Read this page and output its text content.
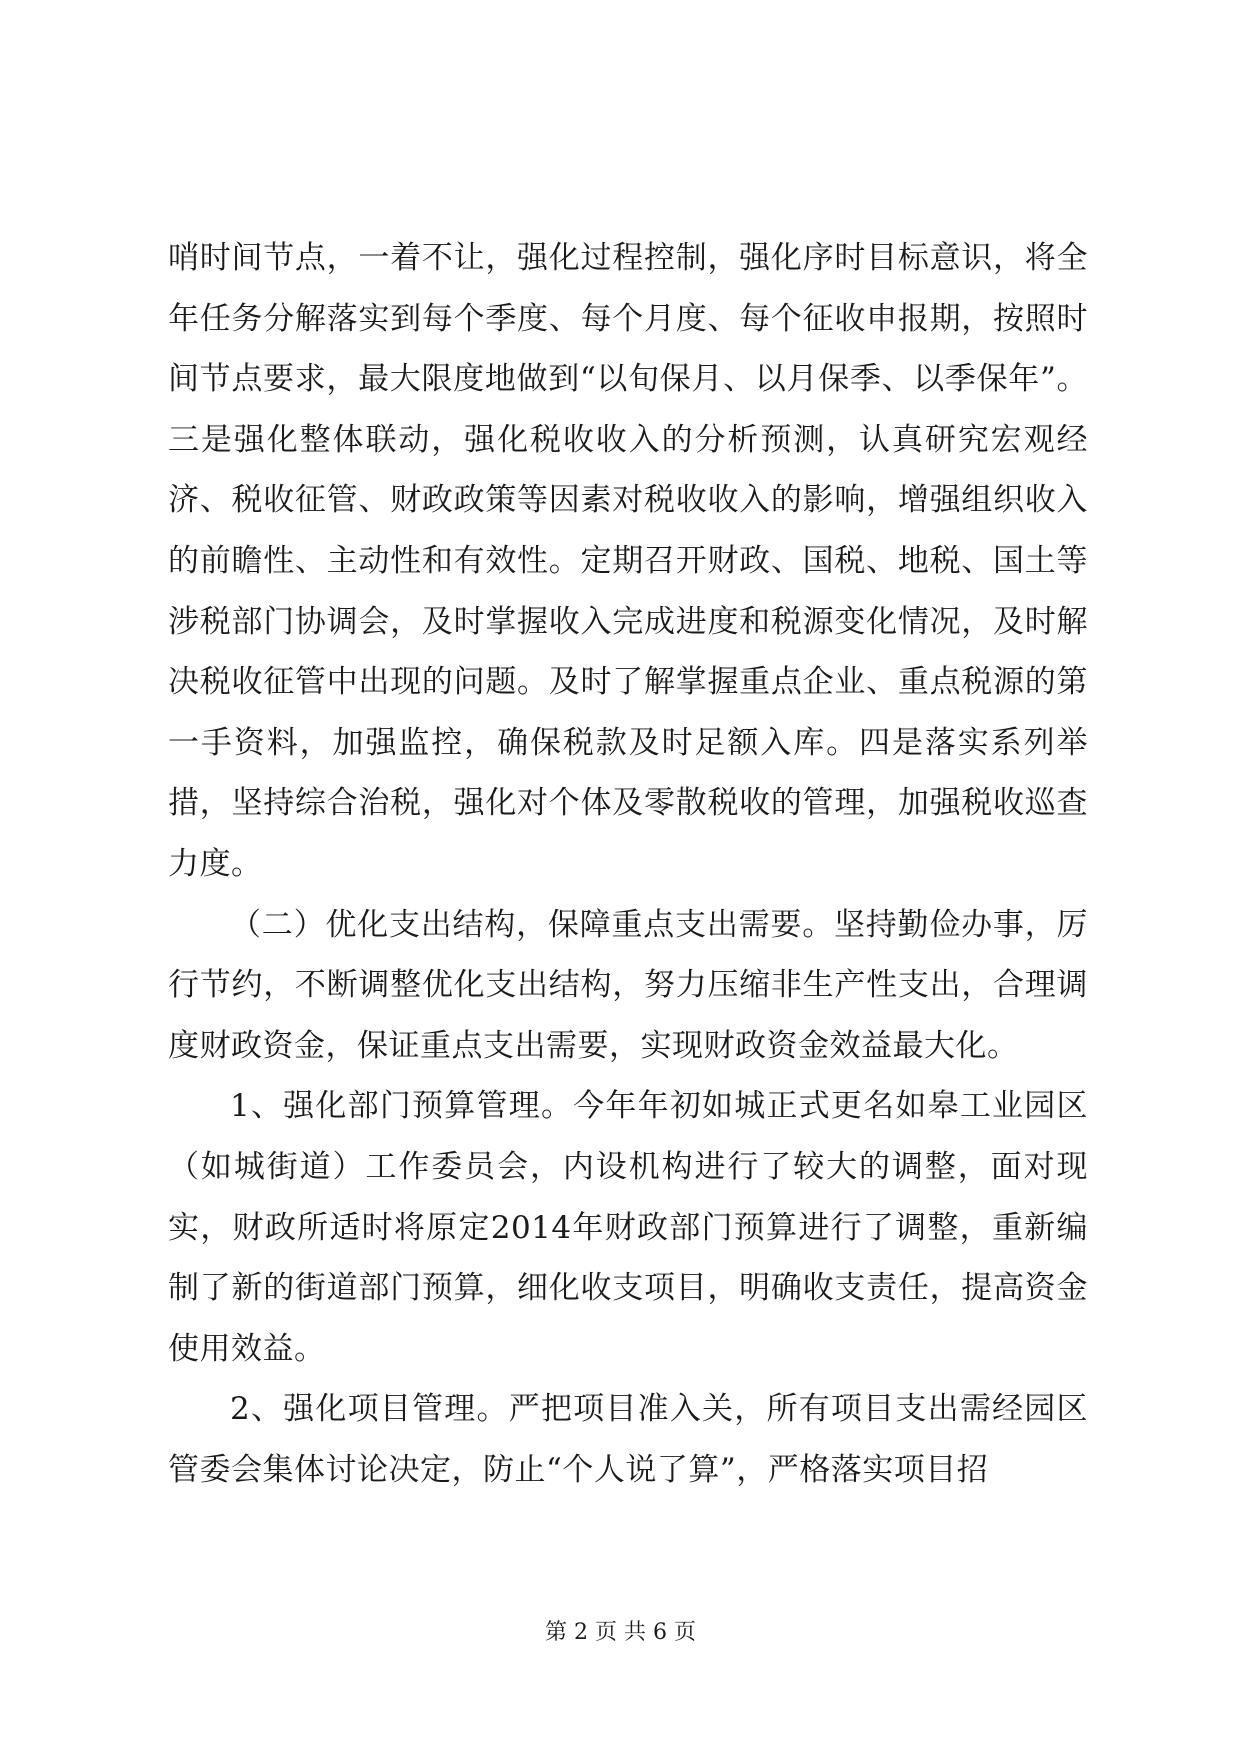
哨时间节点，一着不让，强化过程控制，强化序时目标意识，将全年任务分解落实到每个季度、每个月度、每个征收申报期，按照时间节点要求，最大限度地做到“以旬保月、以月保季、以季保年”。三是强化整体联动，强化税收收入的分析预测，认真研究宏观经济、税收征管、财政政策等因素对税收收入的影响，增强组织收入的前瞻性、主动性和有效性。定期召开财政、国税、地税、国土等涉税部门协调会，及时掌握收入完成进度和税源变化情况，及时解决税收征管中出现的问题。及时了解掌握重点企业、重点税源的第一手资料，加强监控，确保税款及时足额入库。四是落实系列举措，坚持综合治税，强化对个体及零散税收的管理，加强税收巡查力度。

（二）优化支出结构，保障重点支出需要。坚持勤俭办事，厉行节约，不断调整优化支出结构，努力压缩非生产性支出，合理调度财政资金，保证重点支出需要，实现财政资金效益最大化。

1、强化部门预算管理。今年年初如城正式更名如皋工业园区（如城街道）工作委员会，内设机构进行了较大的调整，面对现实，财政所适时将原定2014年财政部门预算进行了调整，重新编制了新的街道部门预算，细化收支项目，明确收支责任，提高资金使用效益。

2、强化项目管理。严把项目准入关，所有项目支出需经园区管委会集体讨论决定，防止“个人说了算”，严格落实项目招

第 2 页 共 6 页
